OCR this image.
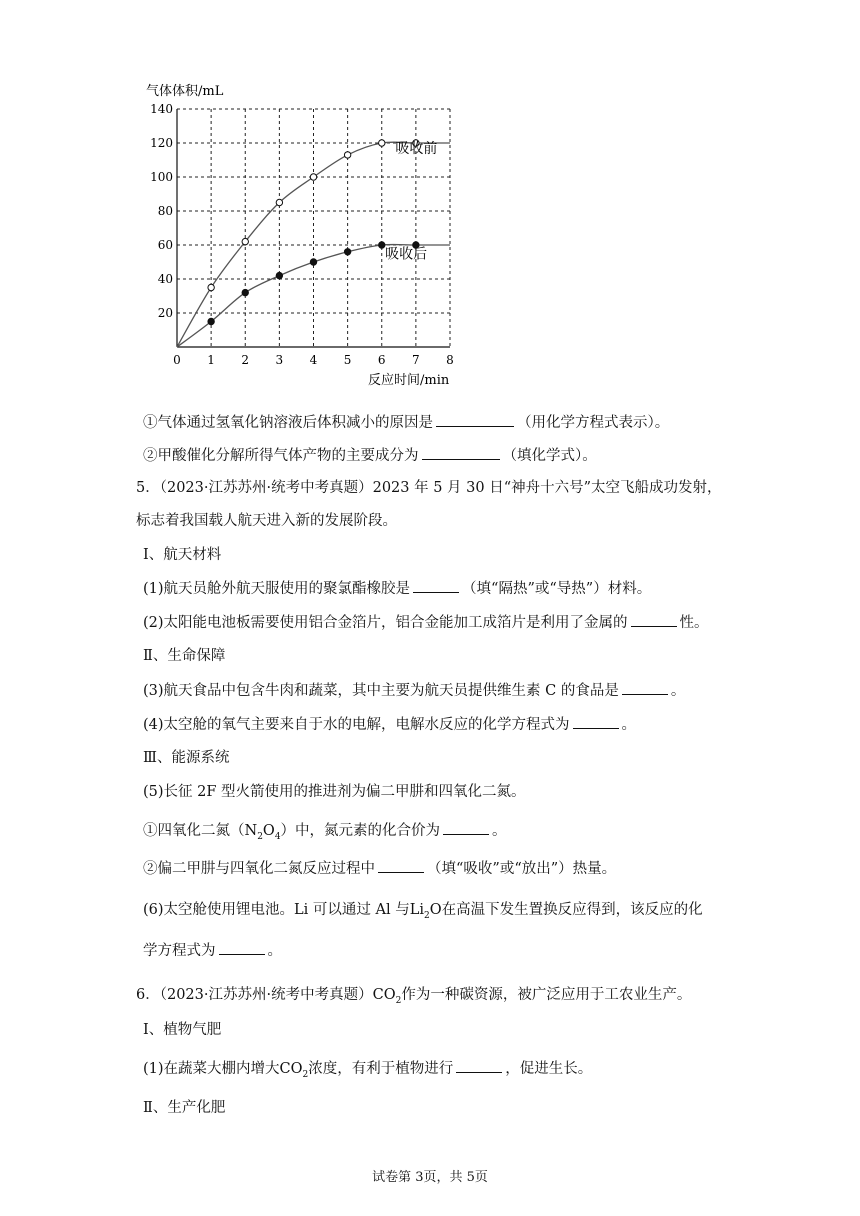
0 1 2 3 4 5 6 7 8
20
40
60
80
100
120
140
气体体积/mL
反应时间/min
吸收前
吸收后
①气体通过氢氧化钠溶液后体积减小的原因是	（用化学方程式表示）。
②甲酸催化分解所得气体产物的主要成分为	（填化学式）。
5．（2023·江苏苏州·统考中考真题）2023 年 5 月 30 日“神舟十六号”太空飞船成功发射，
标志着我国载人航天进入新的发展阶段。
Ⅰ、航天材料
(1)航天员舱外航天服使用的聚氯酯橡胶是	（填“隔热”或“导热”）材料。
(2)太阳能电池板需要使用铝合金箔片，铝合金能加工成箔片是利用了金属的	性。
Ⅱ、生命保障
(3)航天食品中包含牛肉和蔬菜，其中主要为航天员提供维生素 C 的食品是	。
(4)太空舱的氧气主要来自于水的电解，电解水反应的化学方程式为	。
Ⅲ、能源系统
(5)长征 2F 型火箭使用的推进剂为偏二甲肼和四氧化二氮。
①四氧化二氮$(N_2O_4)$中，氮元素的化合价为	。
②偏二甲肼与四氧化二氮反应过程中	（填“吸收”或“放出”）热量。
(6)太空舱使用锂电池。Li 可以通过 Al 与$Li_2O$在高温下发生置换反应得到，该反应的化
学方程式为	。
6．（2023·江苏苏州·统考中考真题）$CO_2$作为一种碳资源，被广泛应用于工农业生产。
Ⅰ、植物气肥
(1)在蔬菜大棚内增大$CO_2$浓度，有利于植物进行	，促进生长。
Ⅱ、生产化肥
试卷第 3页，共 5页
